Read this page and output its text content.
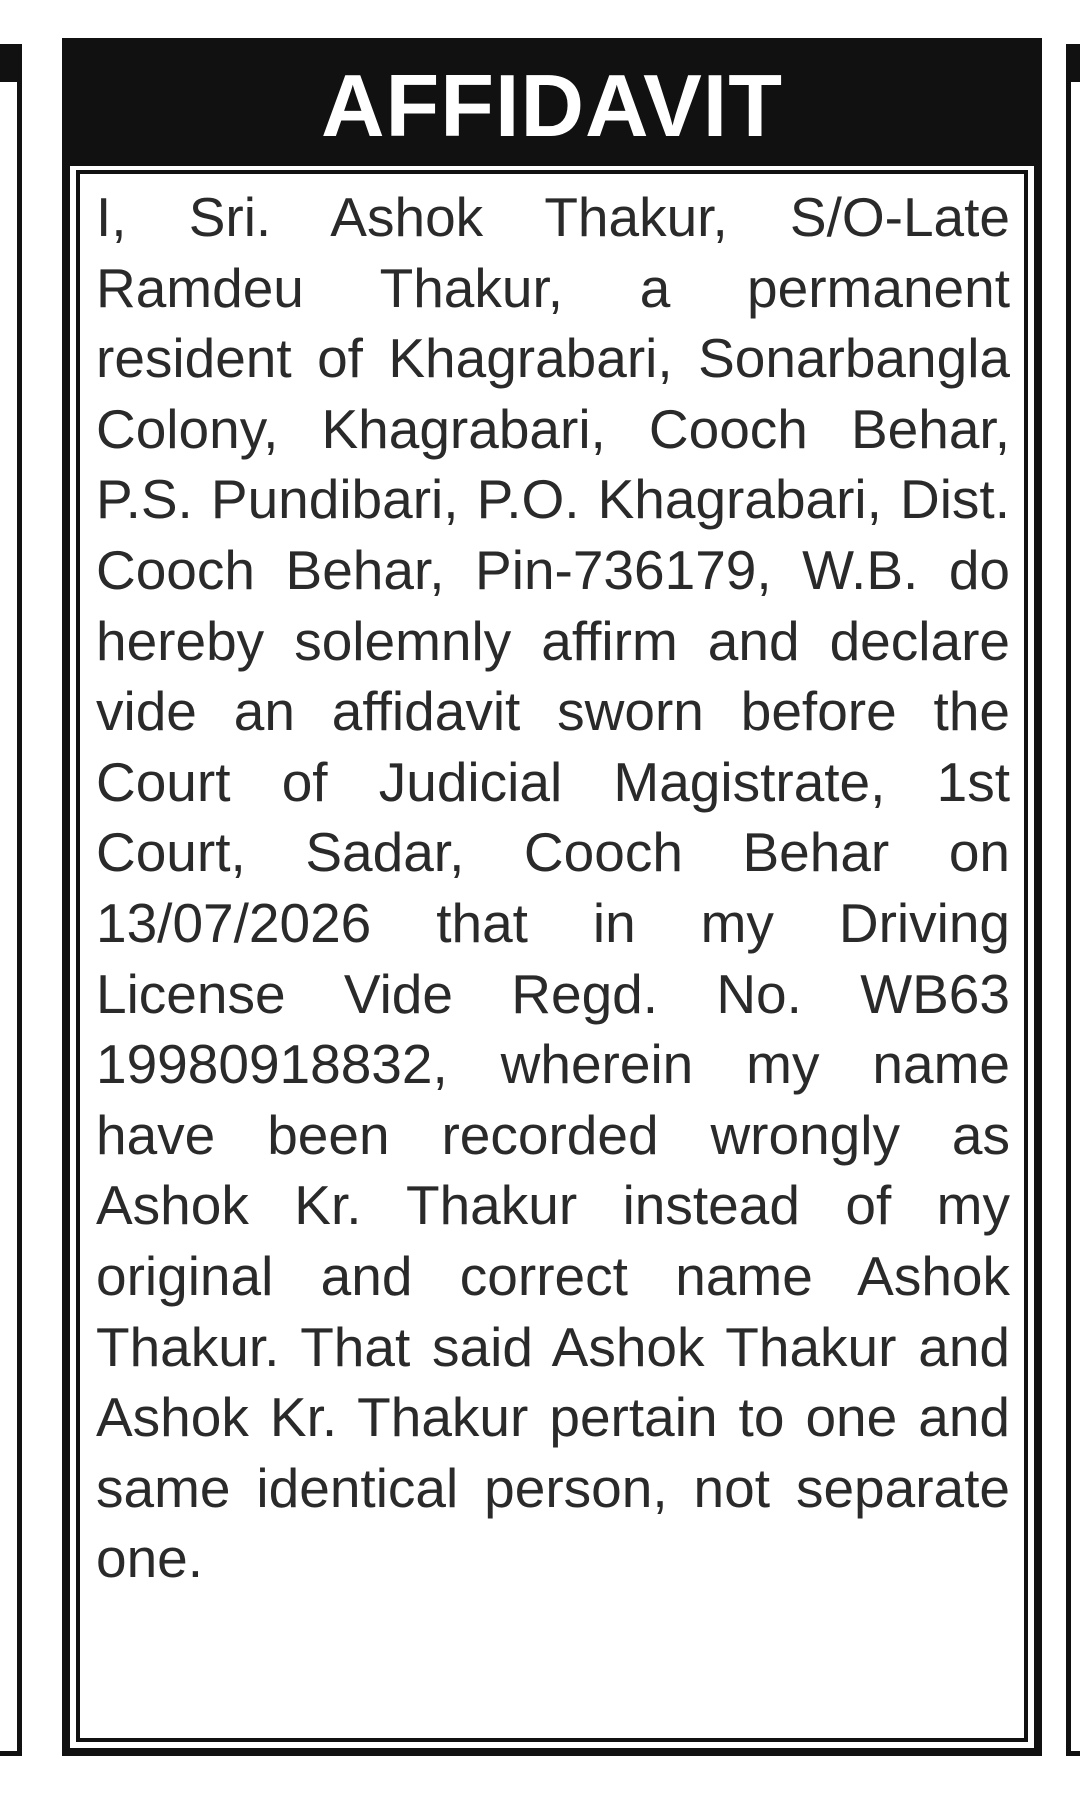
AFFIDAVIT

I, Sri. Ashok Thakur, S/O-Late Ramdeu Thakur, a permanent resident of Khagrabari, Sonarbangla Colony, Khagrabari, Cooch Behar, P.S. Pundibari, P.O. Khagrabari, Dist. Cooch Behar, Pin-736179, W.B. do hereby solemnly affirm and declare vide an affidavit sworn before the Court of Judicial Magistrate, 1st Court, Sadar, Cooch Behar on 13/07/2026 that in my Driving License Vide Regd. No. WB63 19980918832, wherein my name have been recorded wrongly as Ashok Kr. Thakur instead of my original and correct name Ashok Thakur. That said Ashok Thakur and Ashok Kr. Thakur pertain to one and same identical person, not separate one.
